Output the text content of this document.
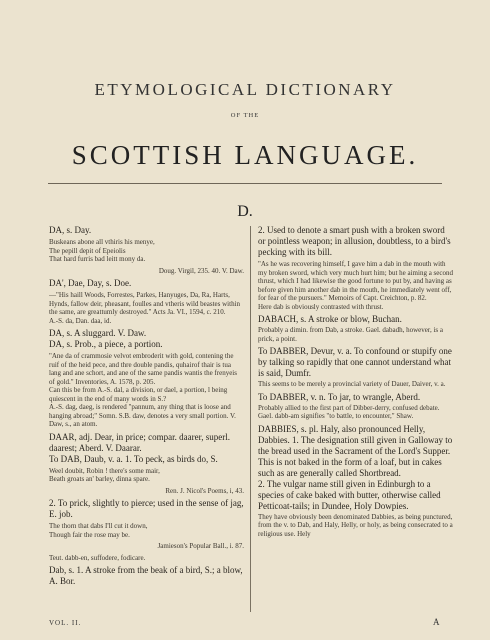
ETYMOLOGICAL DICTIONARY
OF THE
SCOTTISH LANGUAGE.
D.

DA, s. Day.

Buskeans abone all vthiris his menye,
The pepill depit of Epeiolis
That hard furris bad leitt mony da.
Doug. Virgil, 235. 40. V. Daw.

DA', Dae, Day, s. Doe.

—"His haill Woods, Forrestes, Parkes, Hanyuges, Da, Ra, Harts, Hynds, fallow deir, pheasant, foulles and vtheris wild beastes within the same, are greattumly destroyed." Acts Ja. VI., 1594, c. 210.
A.-S. da, Dan. daa, id.

DA, s. A sluggard. V. Daw.

DA, s. Prob., a piece, a portion.

"Ane da of crammosie velvot embroderit with gold, contening the ruif of the heid pece, and thre double pandis, quhairof thair is tua lang and ane schort, and ane of the same pandis wantis the frenyeis of gold." Inventories, A. 1578, p. 205.
Can this be from A.-S. dal, a division, or dael, a portion, l being quiescent in the end of many words in S.?
A.-S. dag, daeg, is rendered "pannum, any thing that is loose and hanging abroad;" Somn. S.B. daw, denotes a very small portion. V. Daw, s., an atom.

DAAR, adj. Dear, in price; compar. daarer, superl. daarest; Aberd. V. Daarar.

To DAB, Daub, v. a. 1. To peck, as birds do, S.

Weel doubit, Robin ! there's some mair,
Beath groats an' barley, dinna spare.
Ren. J. Nicol's Poems, i, 43.

2. To prick, slightly to pierce; used in the sense of jag, E. job.

The thorn that dabs I'll cut it down,
Though fair the rose may be.
Jamieson's Popular Ball., i. 87.
Teut. dabb-en, suffodere, fodicare.

Dab, s. 1. A stroke from the beak of a bird, S.; a blow, A. Bor.

2. Used to denote a smart push with a broken sword or pointless weapon; in allusion, doubtless, to a bird's pecking with its bill.

"As he was recovering himself, I gave him a dab in the mouth with my broken sword, which very much hurt him; but he aiming a second thrust, which I had likewise the good fortune to put by, and having as before given him another dab in the mouth, he immediately went off, for fear of the pursuers." Memoirs of Capt. Creichton, p. 82.
Here dab is obviously contrasted with thrust.

DABACH, s. A stroke or blow, Buchan.

Probably a dimin. from Dab, a stroke. Gael. dabadh, however, is a prick, a point.

To DABBER, Devur, v. a. To confound or stupify one by talking so rapidly that one cannot understand what is said, Dumfr.

This seems to be merely a provincial variety of Dauer, Daiver, v. a.

To DABBER, v. n. To jar, to wrangle, Aberd.

Probably allied to the first part of Dibber-derry, confused debate. Gael. dabb-am signifies "to battle, to encounter," Shaw.

DABBIES, s. pl. Haly, also pronounced Helly, Dabbies. 1. The designation still given in Galloway to the bread used in the Sacrament of the Lord's Supper. This is not baked in the form of a loaf, but in cakes such as are generally called Shortbread.

2. The vulgar name still given in Edinburgh to a species of cake baked with butter, otherwise called Petticoat-tails; in Dundee, Holy Dowpies.

They have obviously been denominated Dabbies, as being punctured, from the v. to Dab, and Haly, Helly, or holy, as being consecrated to a religious use. Hely
VOL. II.	A
